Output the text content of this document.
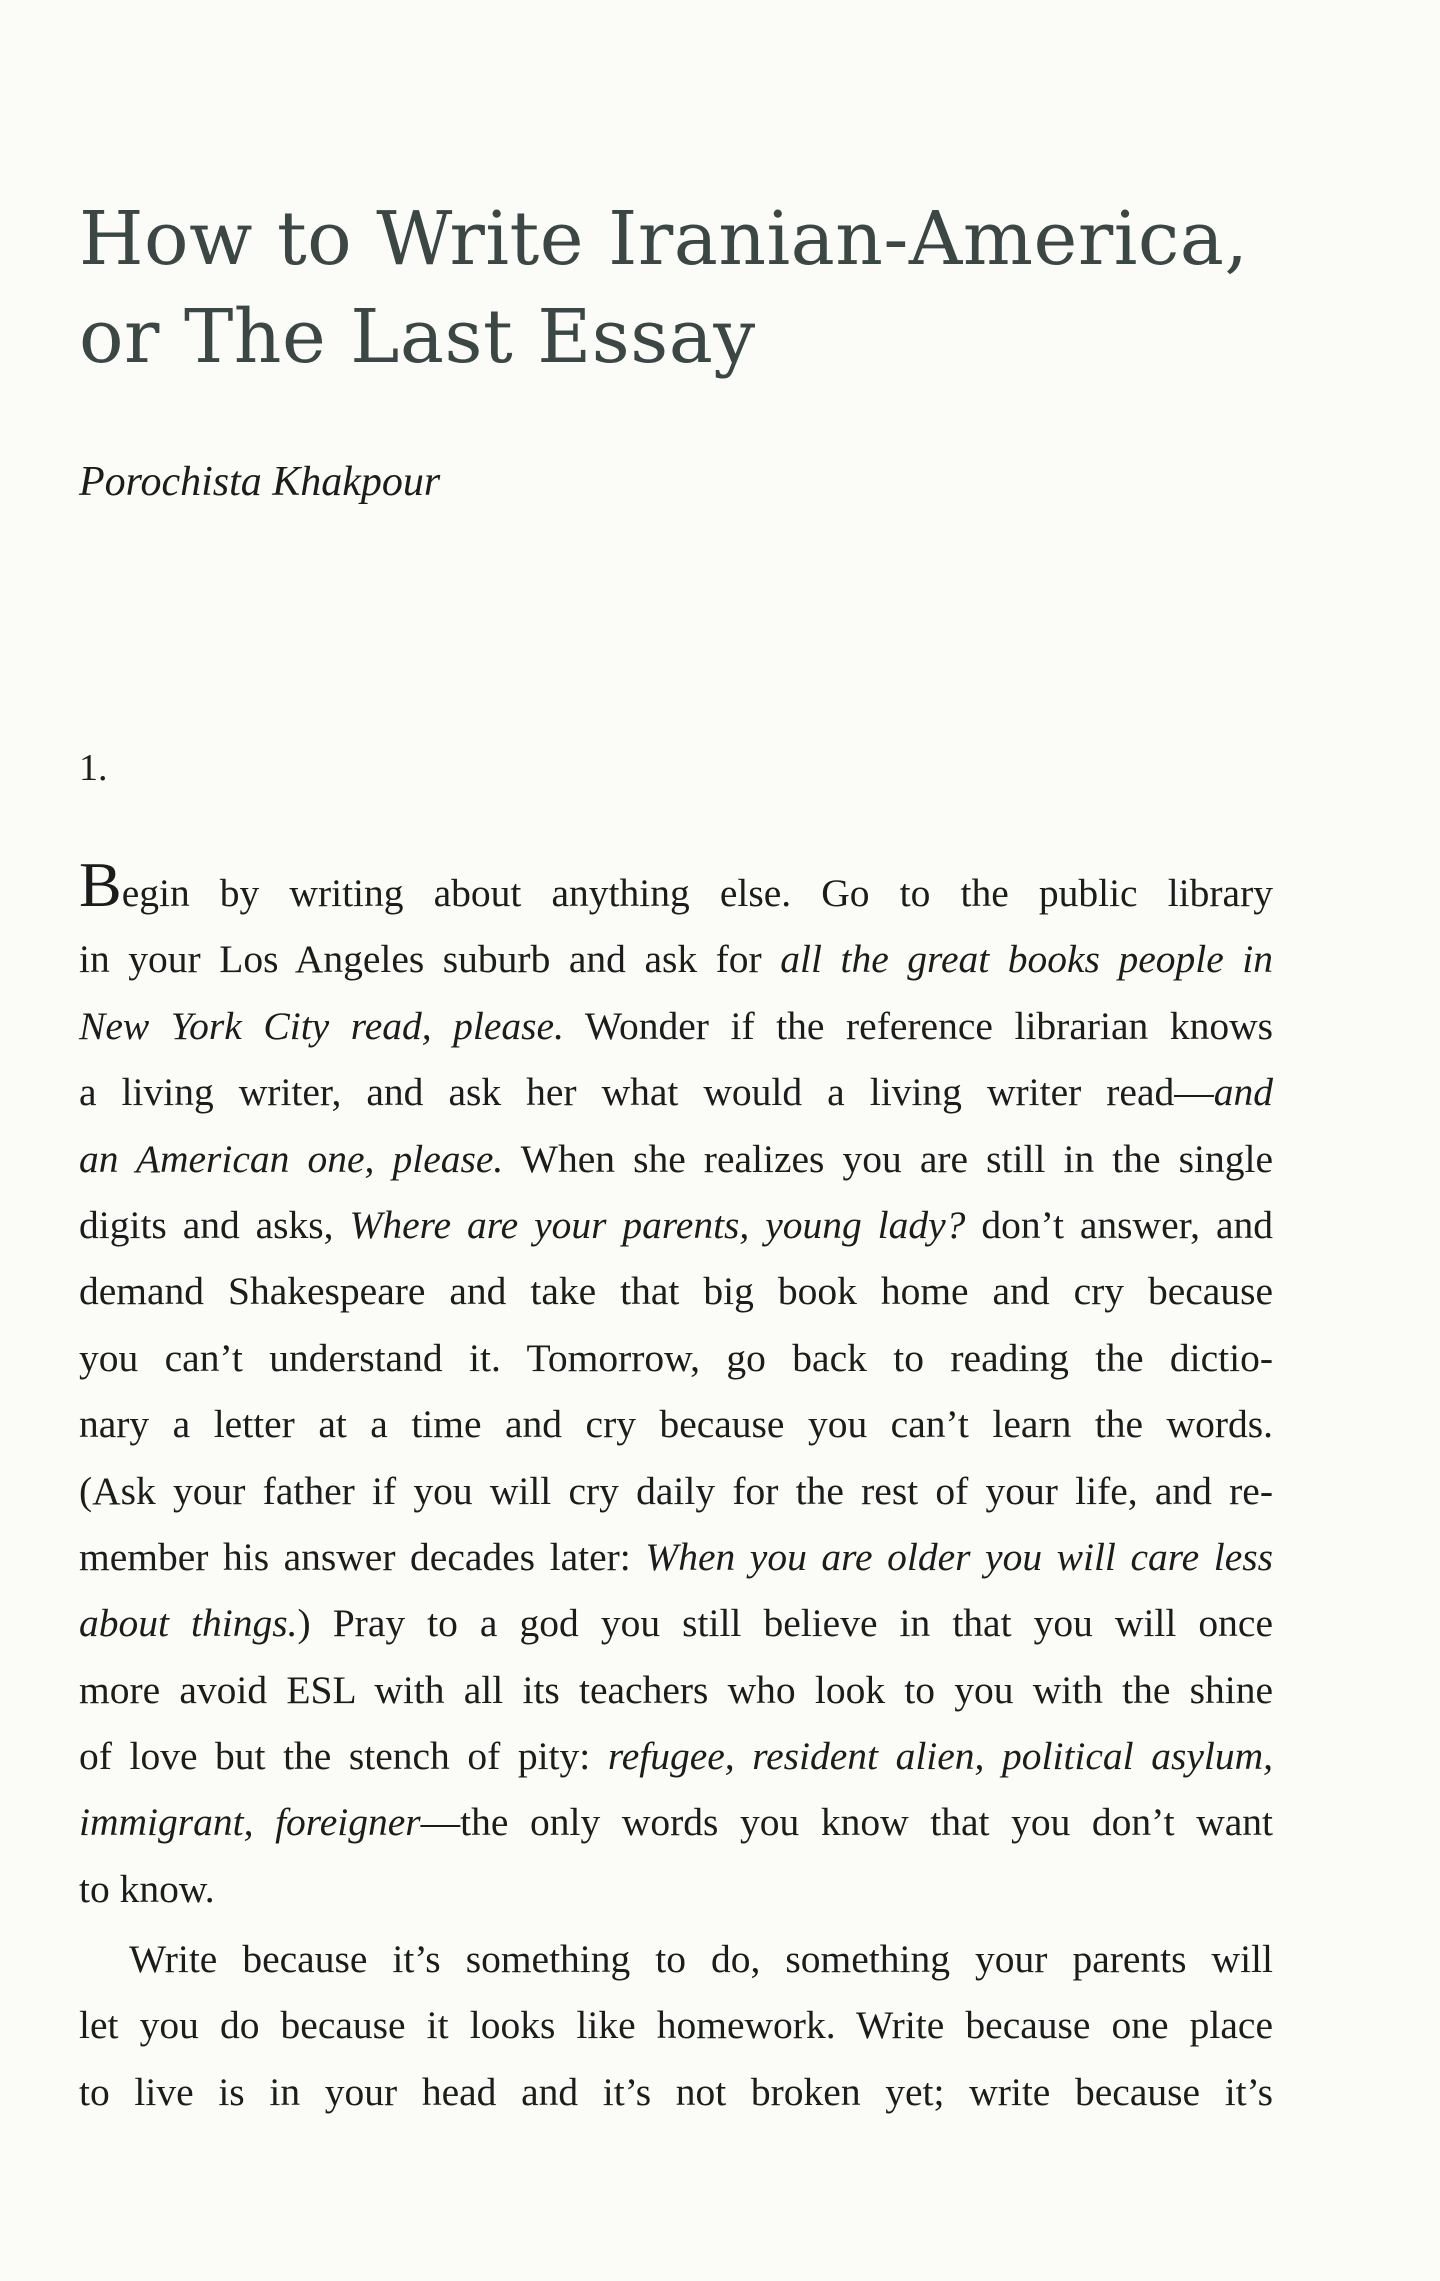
How to Write Iranian-America,
or The Last Essay

Porochista Khakpour

1.

Begin by writing about anything else. Go to the public library
in your Los Angeles suburb and ask for all the great books people in
New York City read, please. Wonder if the reference librarian knows
a living writer, and ask her what would a living writer read—and
an American one, please. When she realizes you are still in the single
digits and asks, Where are your parents, young lady? don’t answer, and
demand Shakespeare and take that big book home and cry because
you can’t understand it. Tomorrow, go back to reading the dictio-
nary a letter at a time and cry because you can’t learn the words.
(Ask your father if you will cry daily for the rest of your life, and re-
member his answer decades later: When you are older you will care less
about things.) Pray to a god you still believe in that you will once
more avoid ESL with all its teachers who look to you with the shine
of love but the stench of pity: refugee, resident alien, political asylum,
immigrant, foreigner—the only words you know that you don’t want
to know.
Write because it’s something to do, something your parents will
let you do because it looks like homework. Write because one place
to live is in your head and it’s not broken yet; write because it’s
